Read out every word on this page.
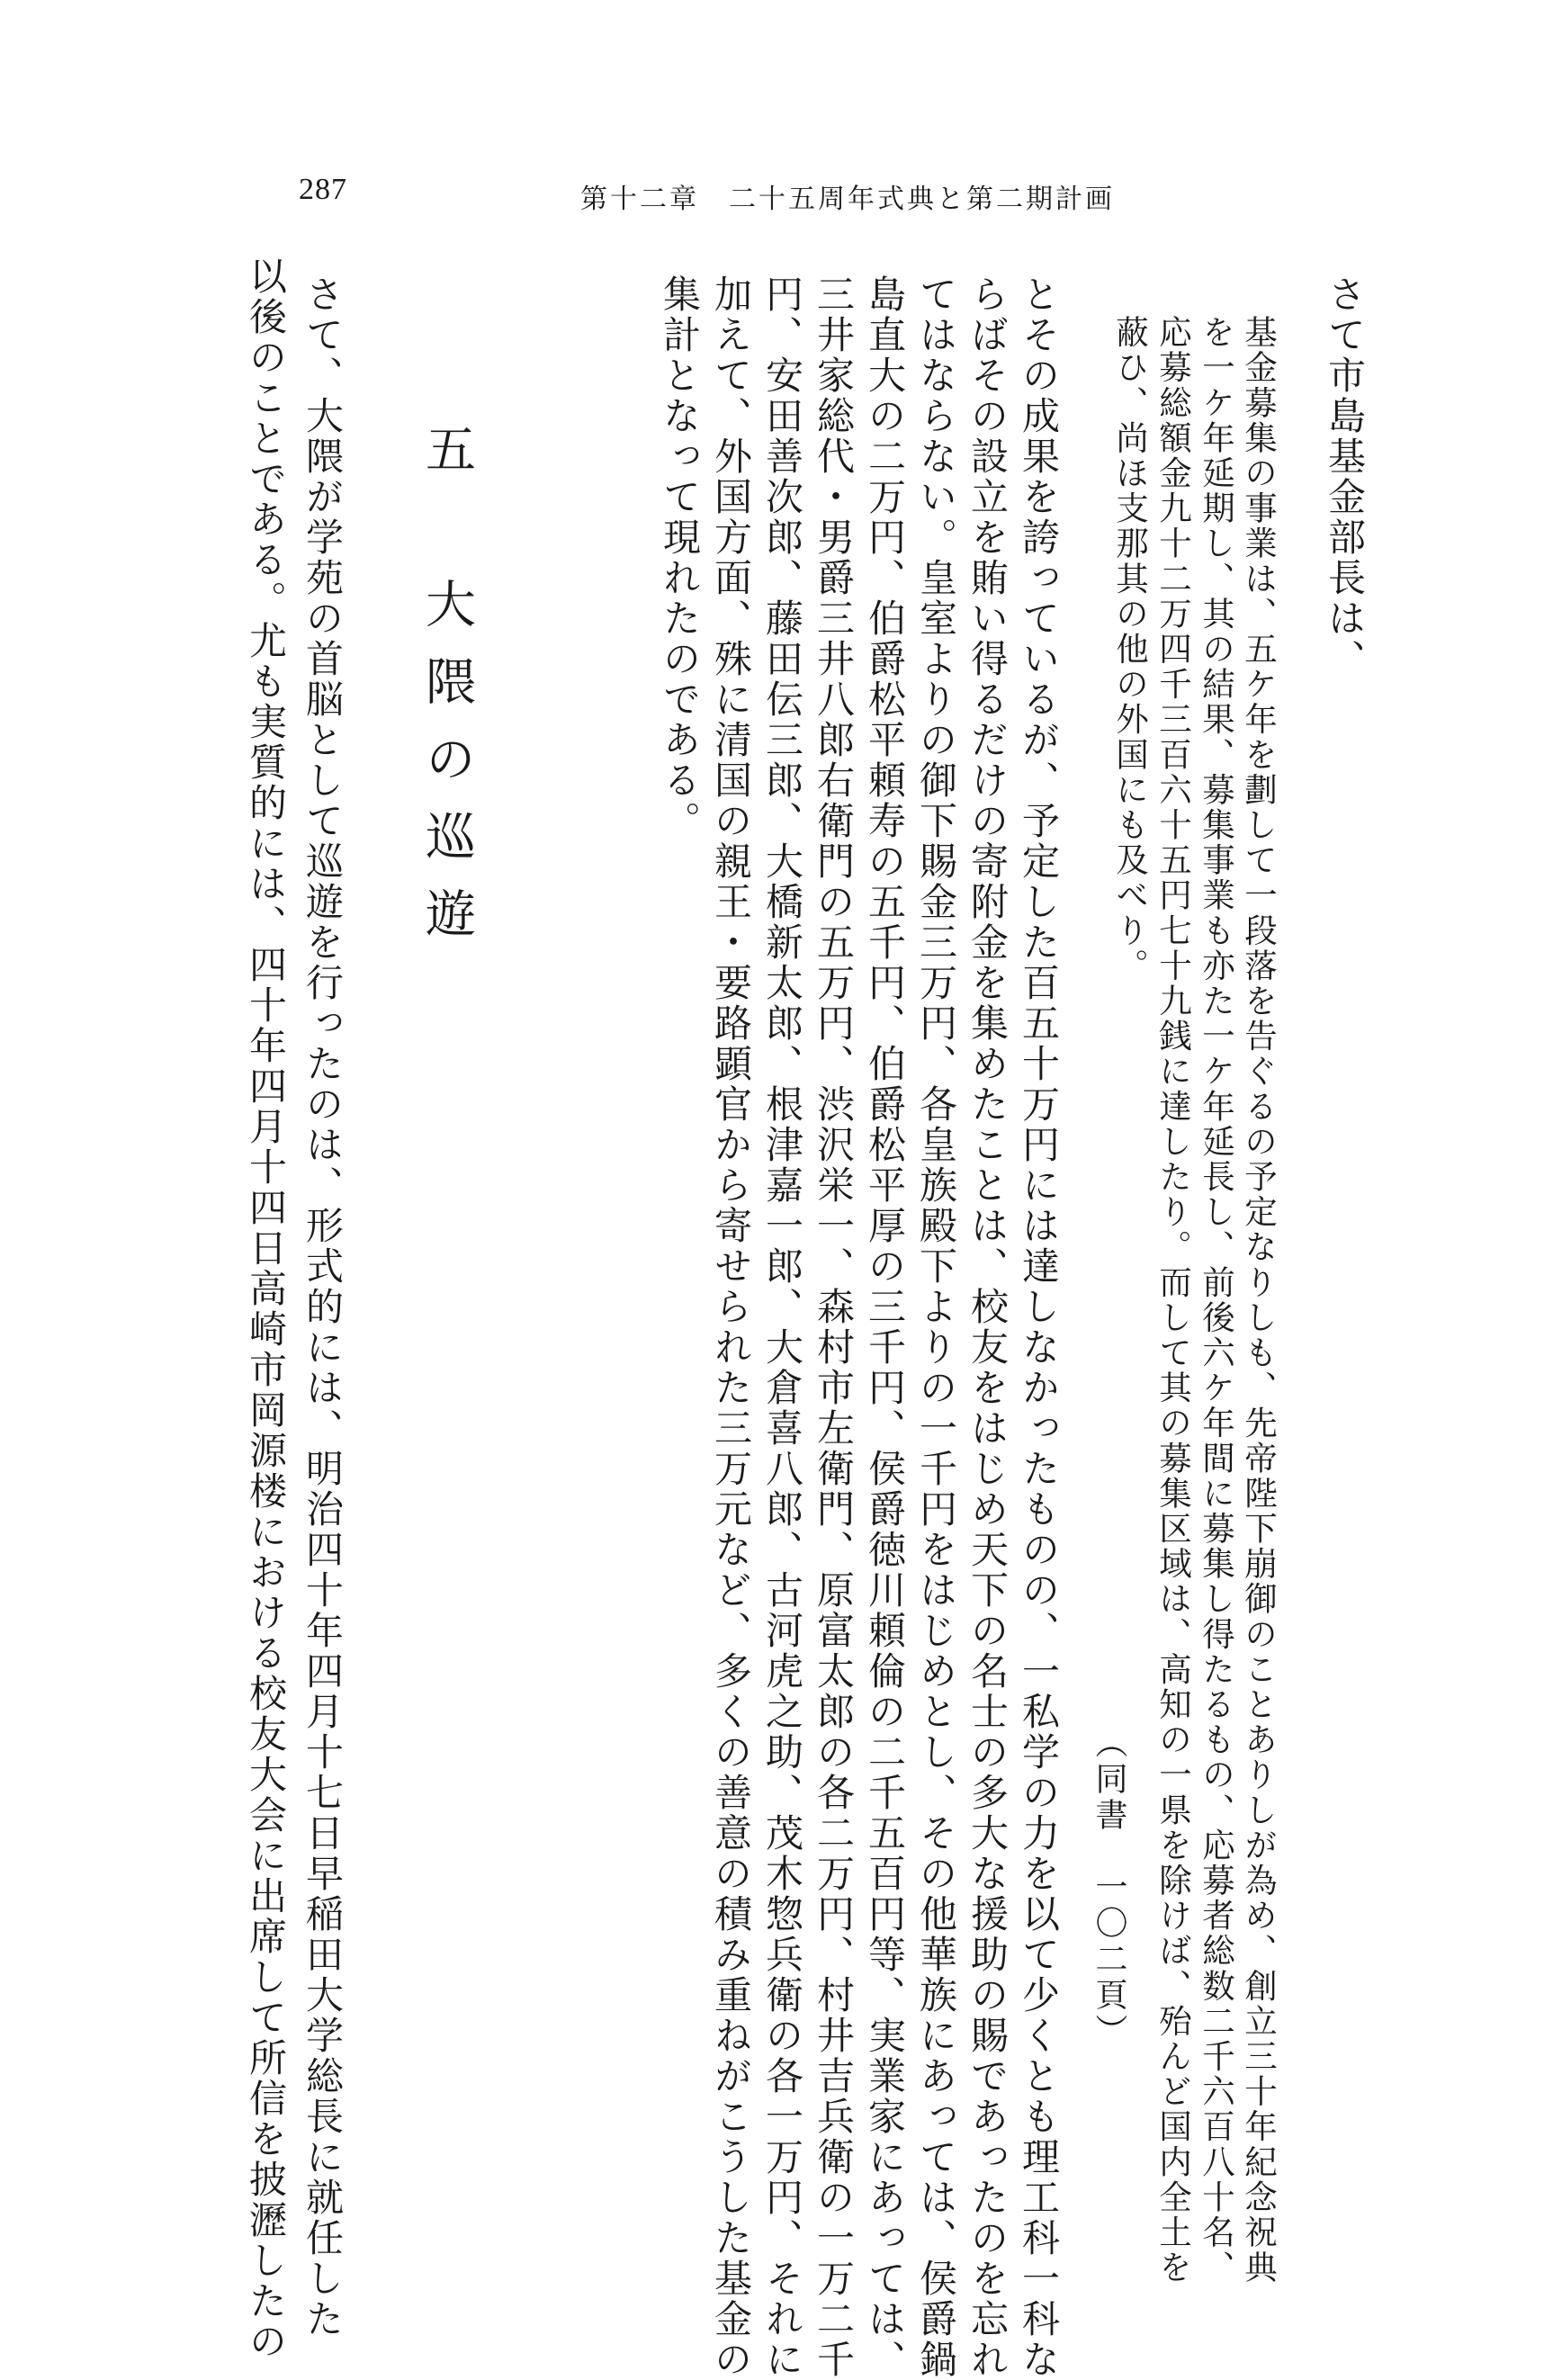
287	第十二章　二十五周年式典と第二期計画
さて市島基金部長は、
基金募集の事業は、五ケ年を劃して一段落を告ぐるの予定なりしも、先帝陛下崩御のことありしが為め、創立三十年紀念祝典
を一ケ年延期し、其の結果、募集事業も亦た一ケ年延長し、前後六ケ年間に募集し得たるもの、応募者総数二千六百八十名、
応募総額金九十二万四千三百六十五円七十九銭に達したり。而して其の募集区域は、高知の一県を除けば、殆んど国内全土を
蔽ひ、尚ほ支那其の他の外国にも及べり。
（同書　一〇二頁）
とその成果を誇っているが、予定した百五十万円には達しなかったものの、一私学の力を以て少くとも理工科一科な
らばその設立を賄い得るだけの寄附金を集めたことは、校友をはじめ天下の名士の多大な援助の賜であったのを忘れ
てはならない。皇室よりの御下賜金三万円、各皇族殿下よりの一千円をはじめとし、その他華族にあっては、侯爵鍋
島直大の二万円、伯爵松平頼寿の五千円、伯爵松平厚の三千円、侯爵徳川頼倫の二千五百円等、実業家にあっては、
三井家総代・男爵三井八郎右衛門の五万円、渋沢栄一、森村市左衛門、原富太郎の各二万円、村井吉兵衛の一万二千
円、安田善次郎、藤田伝三郎、大橋新太郎、根津嘉一郎、大倉喜八郎、古河虎之助、茂木惣兵衛の各一万円、それに
加えて、外国方面、殊に清国の親王・要路顕官から寄せられた三万元など、多くの善意の積み重ねがこうした基金の
集計となって現れたのである。
五　大隈の巡遊
さて、大隈が学苑の首脳として巡遊を行ったのは、形式的には、明治四十年四月十七日早稲田大学総長に就任した
以後のことである。尤も実質的には、四十年四月十四日高崎市岡源楼における校友大会に出席して所信を披瀝したの
